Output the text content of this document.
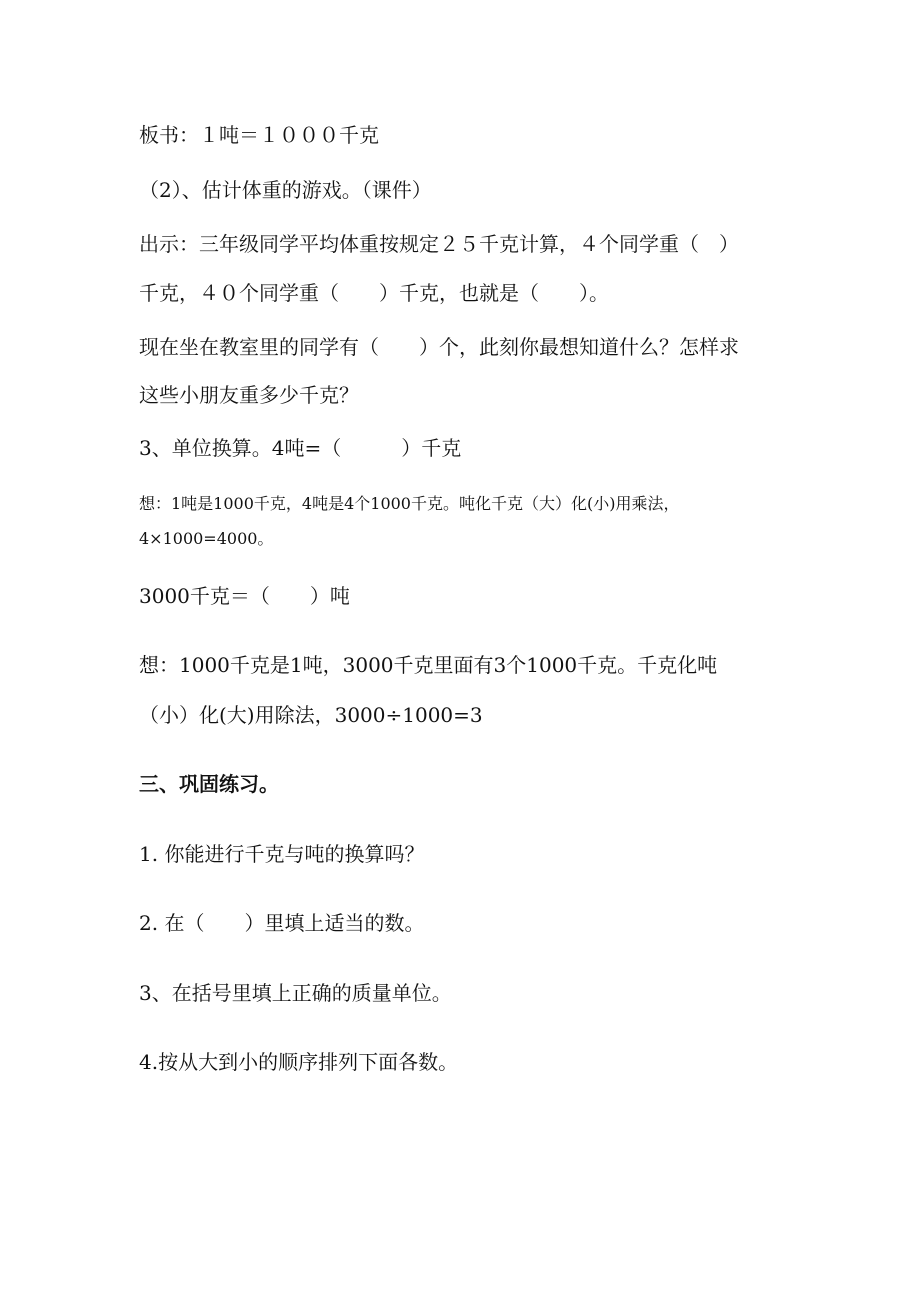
板书：１吨＝１０００千克
（2）、估计体重的游戏。（课件）
出示：三年级同学平均体重按规定２５千克计算，４个同学重（　）
千克，４０个同学重（　　）千克，也就是（　　）。
现在坐在教室里的同学有（　　）个，此刻你最想知道什么？怎样求
这些小朋友重多少千克？
3、单位换算。4吨=（　　　）千克
想：1吨是1000千克，4吨是4个1000千克。吨化千克（大）化(小)用乘法，
4×1000=4000。
3000千克＝（　　）吨
想：1000千克是1吨，3000千克里面有3个1000千克。千克化吨
（小）化(大)用除法，3000÷1000=3
三、巩固练习。
1. 你能进行千克与吨的换算吗？
2. 在（　　）里填上适当的数。
3、在括号里填上正确的质量单位。
4.按从大到小的顺序排列下面各数。
